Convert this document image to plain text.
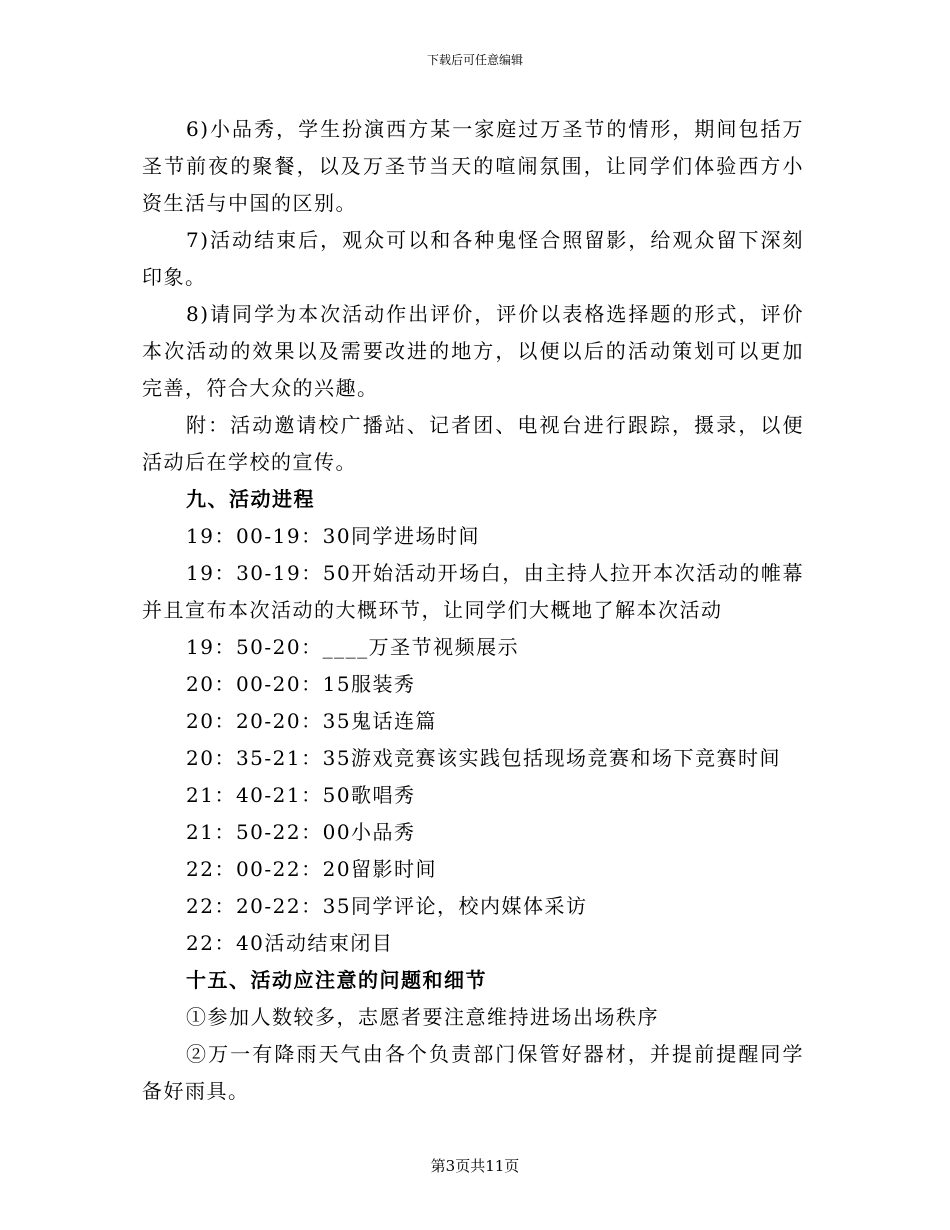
下载后可任意编辑

6)小品秀，学生扮演西方某一家庭过万圣节的情形，期间包括万圣节前夜的聚餐，以及万圣节当天的喧闹氛围，让同学们体验西方小资生活与中国的区别。

7)活动结束后，观众可以和各种鬼怪合照留影，给观众留下深刻印象。

8)请同学为本次活动作出评价，评价以表格选择题的形式，评价本次活动的效果以及需要改进的地方，以便以后的活动策划可以更加完善，符合大众的兴趣。

附：活动邀请校广播站、记者团、电视台进行跟踪，摄录，以便活动后在学校的宣传。

九、活动进程

19：00-19：30同学进场时间

19：30-19：50开始活动开场白，由主持人拉开本次活动的帷幕并且宣布本次活动的大概环节，让同学们大概地了解本次活动

19：50-20：____万圣节视频展示

20：00-20：15服装秀

20：20-20：35鬼话连篇

20：35-21：35游戏竞赛该实践包括现场竞赛和场下竞赛时间

21：40-21：50歌唱秀

21：50-22：00小品秀

22：00-22：20留影时间

22：20-22：35同学评论，校内媒体采访

22：40活动结束闭目

十五、活动应注意的问题和细节

①参加人数较多，志愿者要注意维持进场出场秩序

②万一有降雨天气由各个负责部门保管好器材，并提前提醒同学备好雨具。

第3页共11页
